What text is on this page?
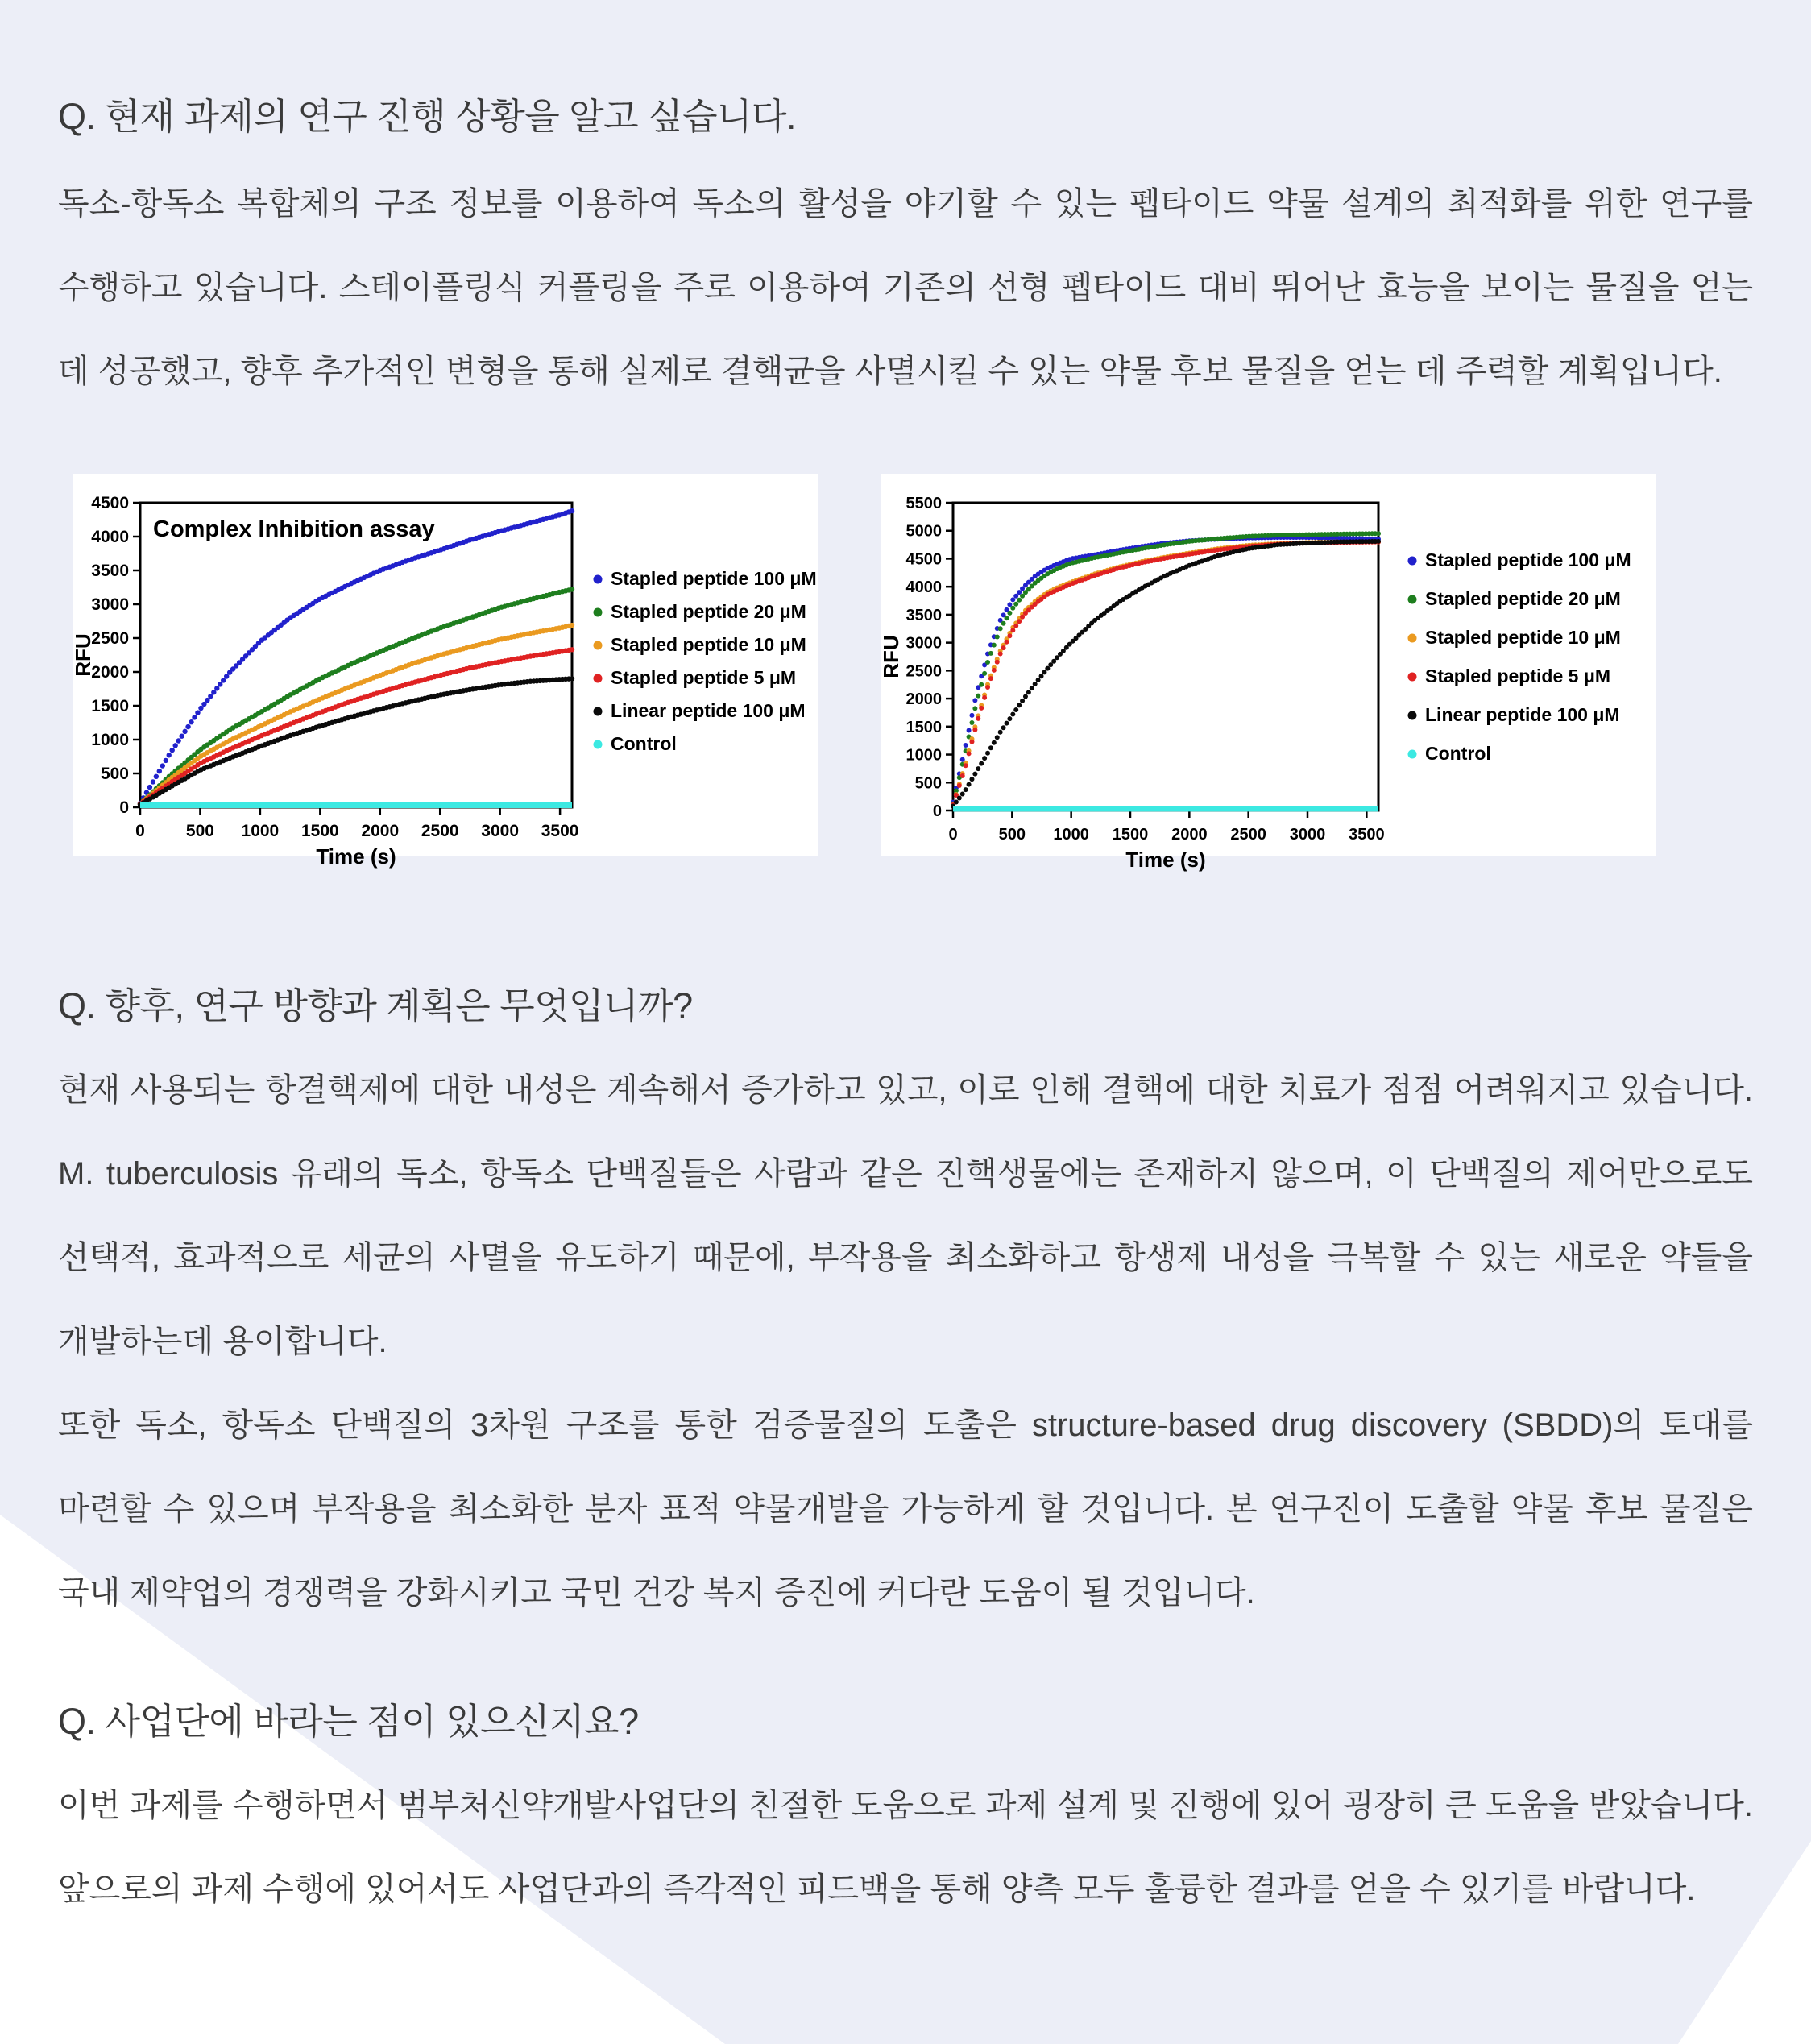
Q. 현재 과제의 연구 진행 상황을 알고 싶습니다.

독소-항독소 복합체의 구조 정보를 이용하여 독소의 활성을 야기할 수 있는 펩타이드 약물 설계의 최적화를 위한 연구를 수행하고 있습니다. 스테이플링식 커플링을 주로 이용하여 기존의 선형 펩타이드 대비 뛰어난 효능을 보이는 물질을 얻는 데 성공했고, 향후 추가적인 변형을 통해 실제로 결핵균을 사멸시킬 수 있는 약물 후보 물질을 얻는 데 주력할 계획입니다.

0
500
1000
1500
2000
2500
3000
3500
4000
4500
0 500 1000 1500 2000 2500 3000 3500
Time (s)
RFU
Complex Inhibition assay
Stapled peptide 100 μM
Stapled peptide 20 μM
Stapled peptide 10 μM
Stapled peptide 5 μM
Linear peptide 100 μM
Control
0
500
1000
1500
2000
2500
3000
3500
4000
4500
5000
5500
0	500 1000 1500 2000 2500 3000 3500
Time (s)
RFU
Stapled peptide 100 μM
Stapled peptide 20 μM
Stapled peptide 10 μM
Stapled peptide 5 μM
Linear peptide 100 μM
Control
Q. 향후, 연구 방향과 계획은 무엇입니까?

현재 사용되는 항결핵제에 대한 내성은 계속해서 증가하고 있고, 이로 인해 결핵에 대한 치료가 점점 어려워지고 있습니다. M. tuberculosis 유래의 독소, 항독소 단백질들은 사람과 같은 진핵생물에는 존재하지 않으며, 이 단백질의 제어만으로도 선택적, 효과적으로 세균의 사멸을 유도하기 때문에, 부작용을 최소화하고 항생제 내성을 극복할 수 있는 새로운 약들을 개발하는데 용이합니다.

또한 독소, 항독소 단백질의 3차원 구조를 통한 검증물질의 도출은 structure-based drug discovery (SBDD)의 토대를 마련할 수 있으며 부작용을 최소화한 분자 표적 약물개발을 가능하게 할 것입니다. 본 연구진이 도출할 약물 후보 물질은 국내 제약업의 경쟁력을 강화시키고 국민 건강 복지 증진에 커다란 도움이 될 것입니다.

Q. 사업단에 바라는 점이 있으신지요?

이번 과제를 수행하면서 범부처신약개발사업단의 친절한 도움으로 과제 설계 및 진행에 있어 굉장히 큰 도움을 받았습니다. 앞으로의 과제 수행에 있어서도 사업단과의 즉각적인 피드백을 통해 양측 모두 훌륭한 결과를 얻을 수 있기를 바랍니다.
